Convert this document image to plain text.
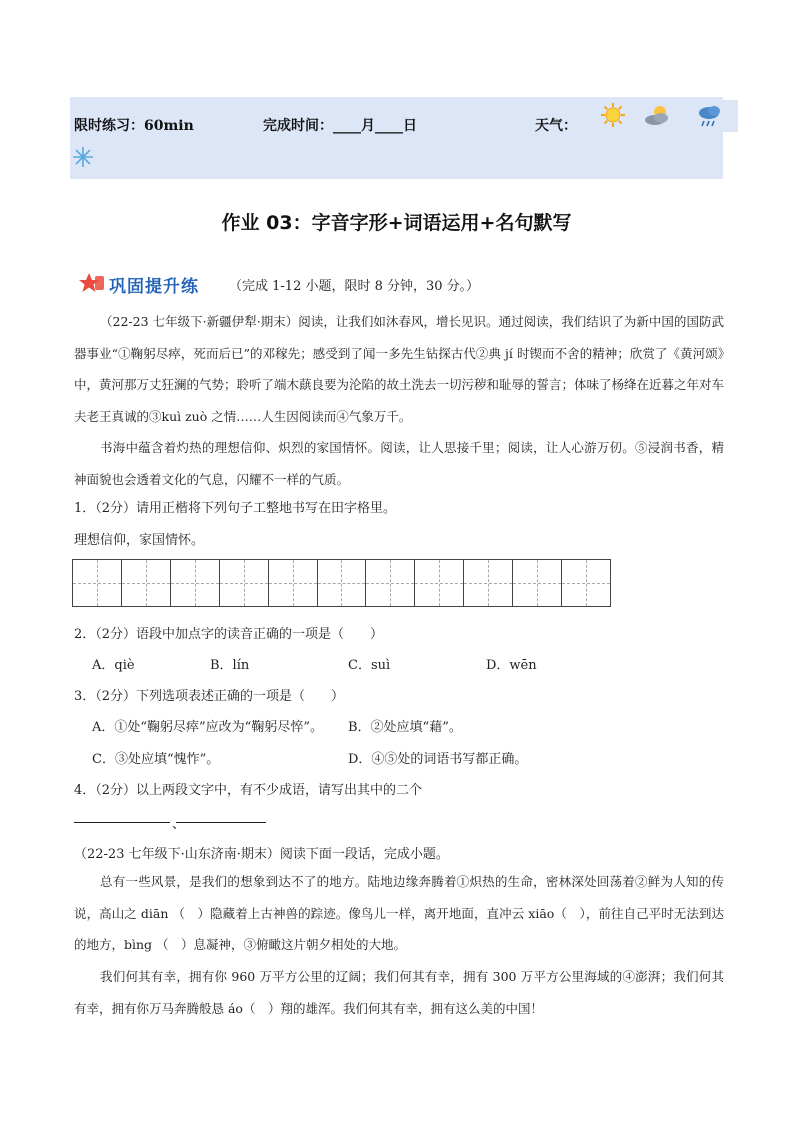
限时练习：60min	完成时间：____月____日	天气：
作业 03：字音字形+词语运用+名句默写
巩固提升练 （完成 1-12 小题，限时 8 分钟，30 分。）
（22-23 七年级下·新疆伊犁·期末）阅读，让我们如沐春风，增长见识。通过阅读，我们结识了为新中国的国防武器事业“①鞠躬尽瘁，死而后已”的邓稼先；感受到了闻一多先生钻探古代②典 jí 时锲而不舍的精神；欣赏了《黄河颂》中，黄河那万丈狂澜的气势；聆听了端木蕻良要为沦陷的故土洗去一切污秽和耻辱的誓言；体味了杨绛在近暮之年对车夫老王真诚的③kuì zuò 之情……人生因阅读而④气象万千。
书海中蕴含着灼热的理想信仰、炽烈的家国情怀。阅读，让人思接千里；阅读，让人心游万仞。⑤浸润书香，精神面貌也会透着文化的气息，闪耀不一样的气质。
1．（2分）请用正楷将下列句子工整地书写在田字格里。
理想信仰，家国情怀。
2．（2分）语段中加点字的读音正确的一项是（　　）
A．qiè	B．lín	C．suì	D．wēn
3．（2分）下列选项表述正确的一项是（　　）
A．①处“鞠躬尽瘁”应改为“鞠躬尽悴”。 B．②处应填“藉”。
C．③处应填“愧怍”。	D．④⑤处的词语书写都正确。
4．（2分）以上两段文字中，有不少成语，请写出其中的二个
、
（22-23 七年级下·山东济南·期末）阅读下面一段话，完成小题。
总有一些风景，是我们的想象到达不了的地方。陆地边缘奔腾着①炽热的生命，密林深处回荡着②鲜为人知的传说，高山之 diān （　）隐藏着上古神兽的踪迹。像鸟儿一样，离开地面，直冲云 xiāo（　），前往自己平时无法到达的地方，bìng （　）息凝神，③俯瞰这片朝夕相处的大地。
我们何其有幸，拥有你 960 万平方公里的辽阔；我们何其有幸，拥有 300 万平方公里海域的④澎湃；我们何其有幸，拥有你万马奔腾般恳 áo（　）翔的雄浑。我们何其有幸，拥有这么美的中国！
